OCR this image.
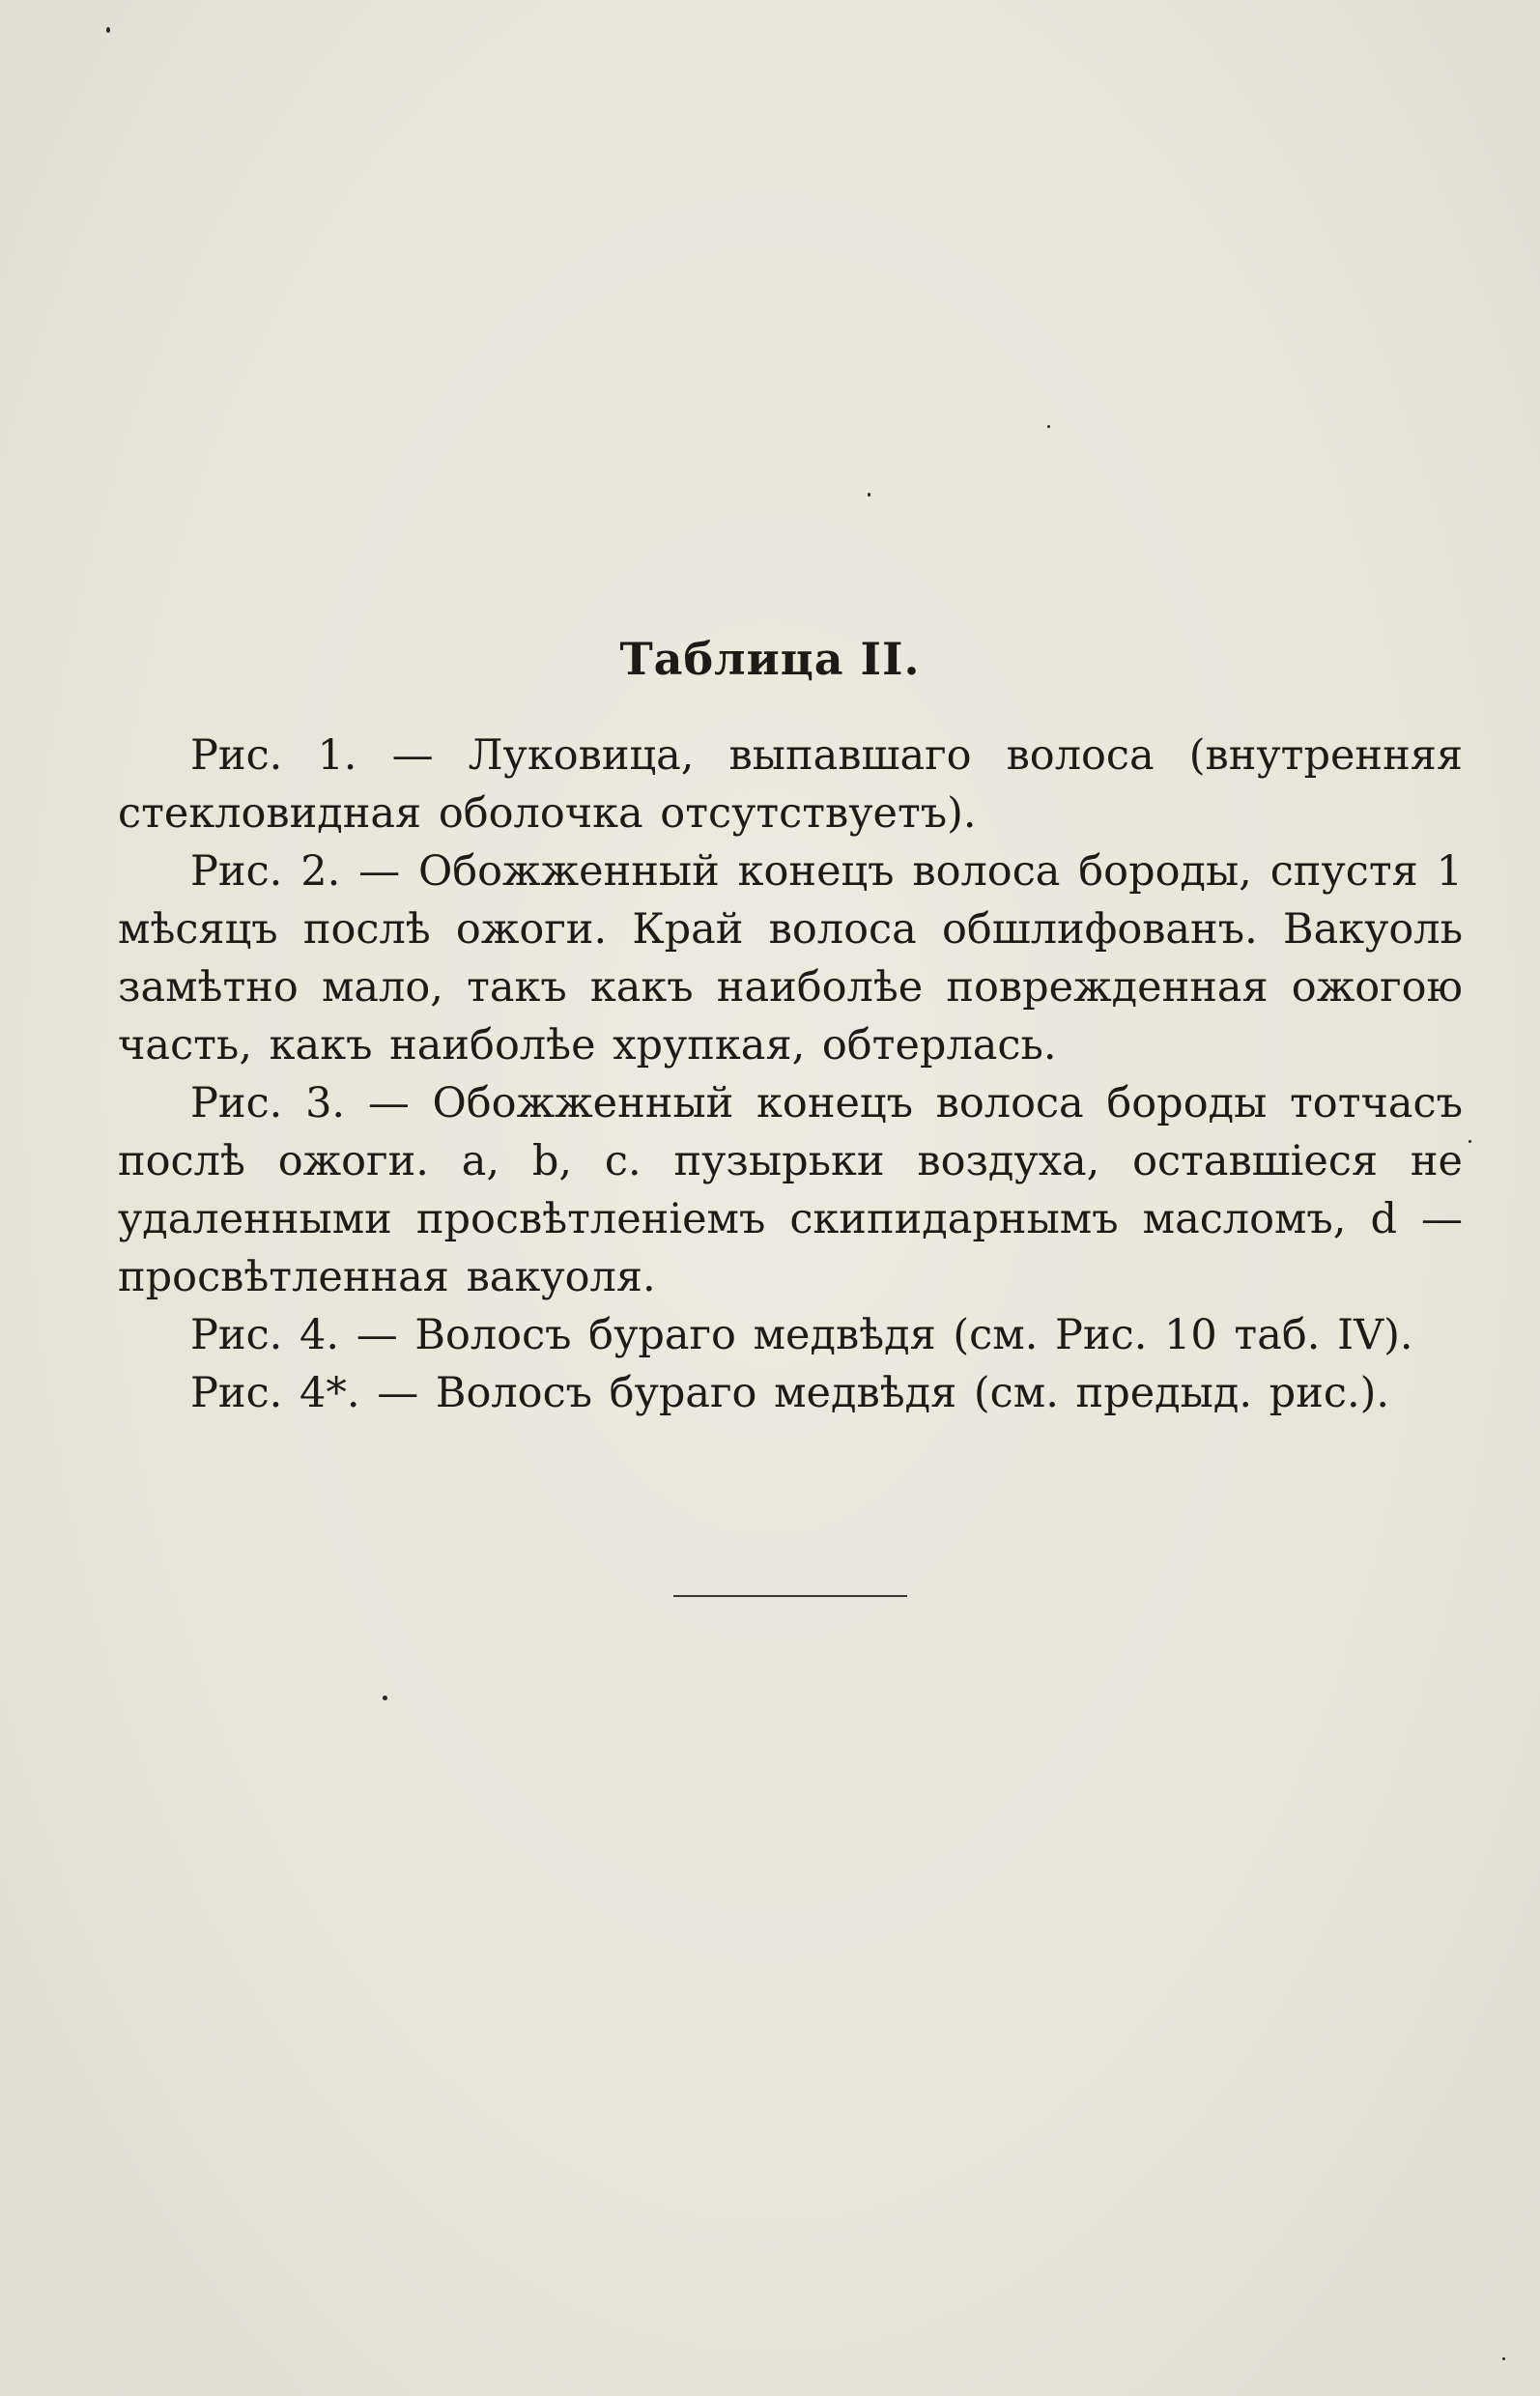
Таблица II.

Рис. 1. — Луковица, выпавшаго волоса (внутренняя стекловидная оболочка отсутствуетъ).

Рис. 2. — Обожженный конецъ волоса бороды, спустя 1 мѣсяцъ послѣ ожоги. Край волоса обшлифованъ. Вакуоль замѣтно мало, такъ какъ наиболѣе поврежденная ожогою часть, какъ наиболѣе хрупкая, обтерлась.

Рис. 3. — Обожженный конецъ волоса бороды тотчасъ послѣ ожоги. a, b, c. пузырьки воздуха, оставшіеся не удаленными просвѣтленіемъ скипидарнымъ масломъ, d — просвѣтленная вакуоля.

Рис. 4. — Волосъ бураго медвѣдя (см. Рис. 10 таб. IV).

Рис. 4*. — Волосъ бураго медвѣдя (см. предыд. рис.).
